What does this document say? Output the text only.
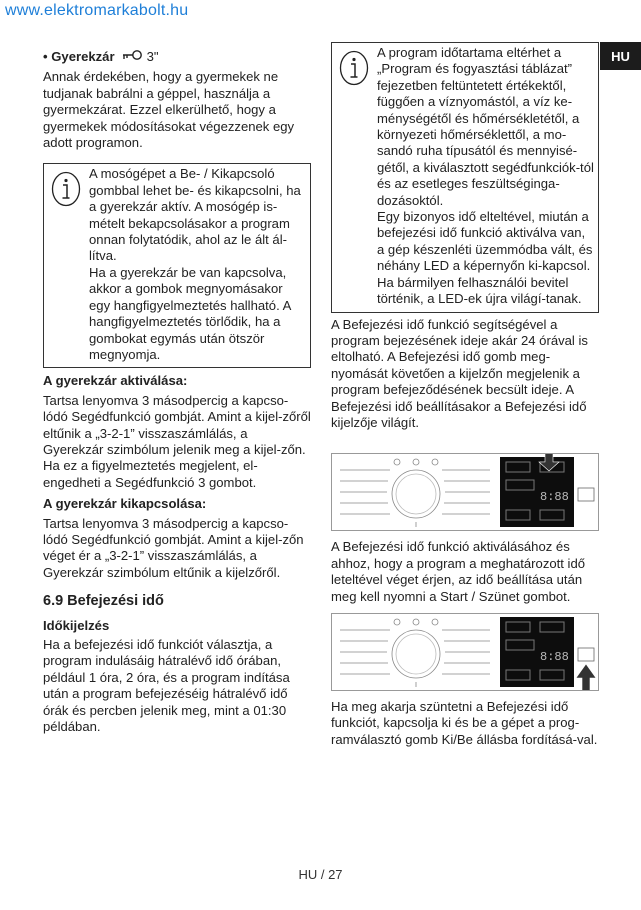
www.elektromarkabolt.hu
HU
• Gyerekzár 3"

Annak érdekében, hogy a gyermekek ne tudjanak babrálni a géppel, használja a gyermekzárat. Ezzel elkerülhető, hogy a gyermekek módosításokat végezzenek egy adott programon.

A mosógépet a Be- / Kikapcsoló gombbal lehet be- és kikapcsolni, ha a gyerekzár aktív. A mosógép is-mételt bekapcsolásakor a program onnan folytatódik, ahol az le ált ál-lítva.

Ha a gyerekzár be van kapcsolva, akkor a gombok megnyomásakor egy hangfigyelmeztetés hallható. A hangfigyelmeztetés törlődik, ha a gombokat egymás után ötször megnyomja.

A gyerekzár aktiválása:

Tartsa lenyomva 3 másodpercig a kapcso-lódó Segédfunkció gombját. Amint a kijel-zőről eltűnik a „3-2-1” visszaszámlálás, a Gyerekzár szimbólum jelenik meg a kijel-zőn. Ha ez a figyelmeztetés megjelent, el-engedheti a Segédfunkció 3 gombot.

A gyerekzár kikapcsolása:

Tartsa lenyomva 3 másodpercig a kapcso-lódó Segédfunkció gombját. Amint a kijel-zőn véget ér a „3-2-1” visszaszámlálás, a Gyerekzár szimbólum eltűnik a kijelzőről.

6.9 Befejezési idő

Időkijelzés

Ha a befejezési idő funkciót választja, a program indulásáig hátralévő idő órában, például 1 óra, 2 óra, és a program indítása után a program befejezéséig hátralévő idő órák és percben jelenik meg, mint a 01:30 példában.

A program időtartama eltérhet a „Program és fogyasztási táblázat” fejezetben feltüntetett értékektől, függően a víznyomástól, a víz ke-ménységétől és hőmérsékletétől, a környezeti hőmérséklettől, a mo-sandó ruha típusától és mennyisé-gétől, a kiválasztott segédfunkciók-tól és az esetleges feszültséginga-dozásoktól.

Egy bizonyos idő elteltével, miután a befejezési idő funkció aktiválva van, a gép készenléti üzemmódba vált, és néhány LED a képernyőn ki-kapcsol. Ha bármilyen felhasználói bevitel történik, a LED-ek újra világí-tanak.

A Befejezési idő funkció segítségével a program bejezésének ideje akár 24 órával is eltolható. A Befejezési idő gomb meg-nyomását követően a kijelzőn megjelenik a program befejeződésének becsült ideje. A Befejezési idő beállításakor a Befejezési idő kijelzője világít.

8:88

A Befejezési idő funkció aktiválásához és ahhoz, hogy a program a meghatározott idő leteltével véget érjen, az idő beállítása után meg kell nyomni a Start / Szünet gombot.

8:88

Ha meg akarja szüntetni a Befejezési idő funkciót, kapcsolja ki és be a gépet a prog-ramválasztó gomb Ki/Be állásba fordításá-val.

HU / 27
